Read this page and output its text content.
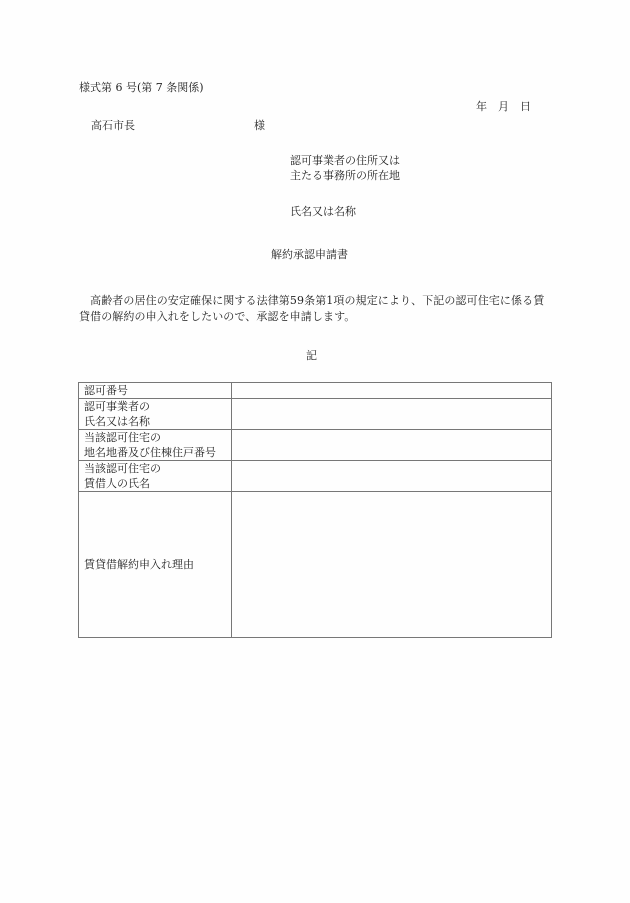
様式第 6 号(第 7 条関係)
年 月 日
高石市長	様
認可事業者の住所又は
主たる事務所の所在地
氏名又は名称
解約承認申請書
　高齢者の居住の安定確保に関する法律第59条第1項の規定により、下記の認可住宅に係る賃貸借の解約の申入れをしたいので、承認を申請します。
記
認可番号	

認可事業者の
氏名又は名称	

当該認可住宅の
地名地番及び住棟住戸番号	

当該認可住宅の
賃借人の氏名	

賃貸借解約申入れ理由	
